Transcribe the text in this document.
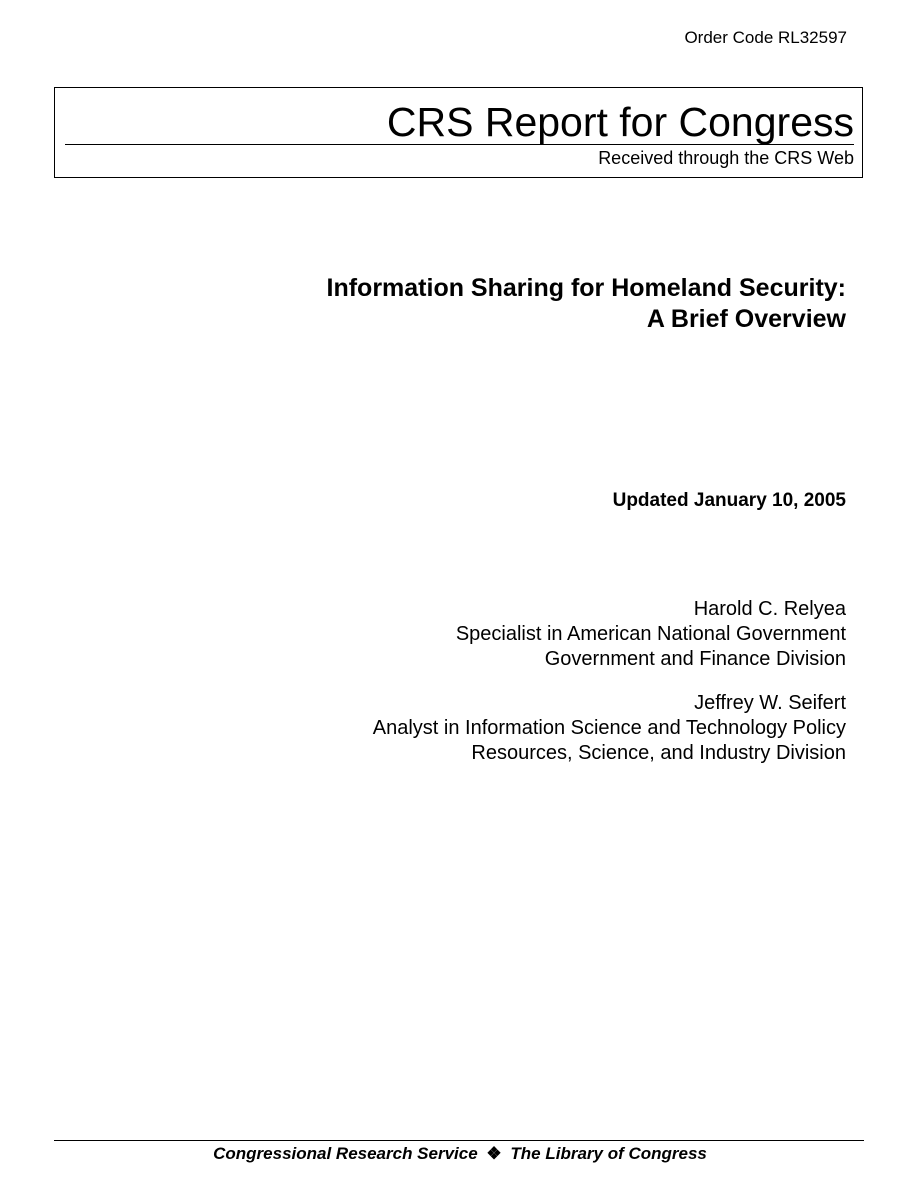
Order Code RL32597
CRS Report for Congress
Received through the CRS Web
Information Sharing for Homeland Security:
A Brief Overview
Updated January 10, 2005
Harold C. Relyea
Specialist in American National Government
Government and Finance Division
Jeffrey W. Seifert
Analyst in Information Science and Technology Policy
Resources, Science, and Industry Division
Congressional Research Service ❖ The Library of Congress
